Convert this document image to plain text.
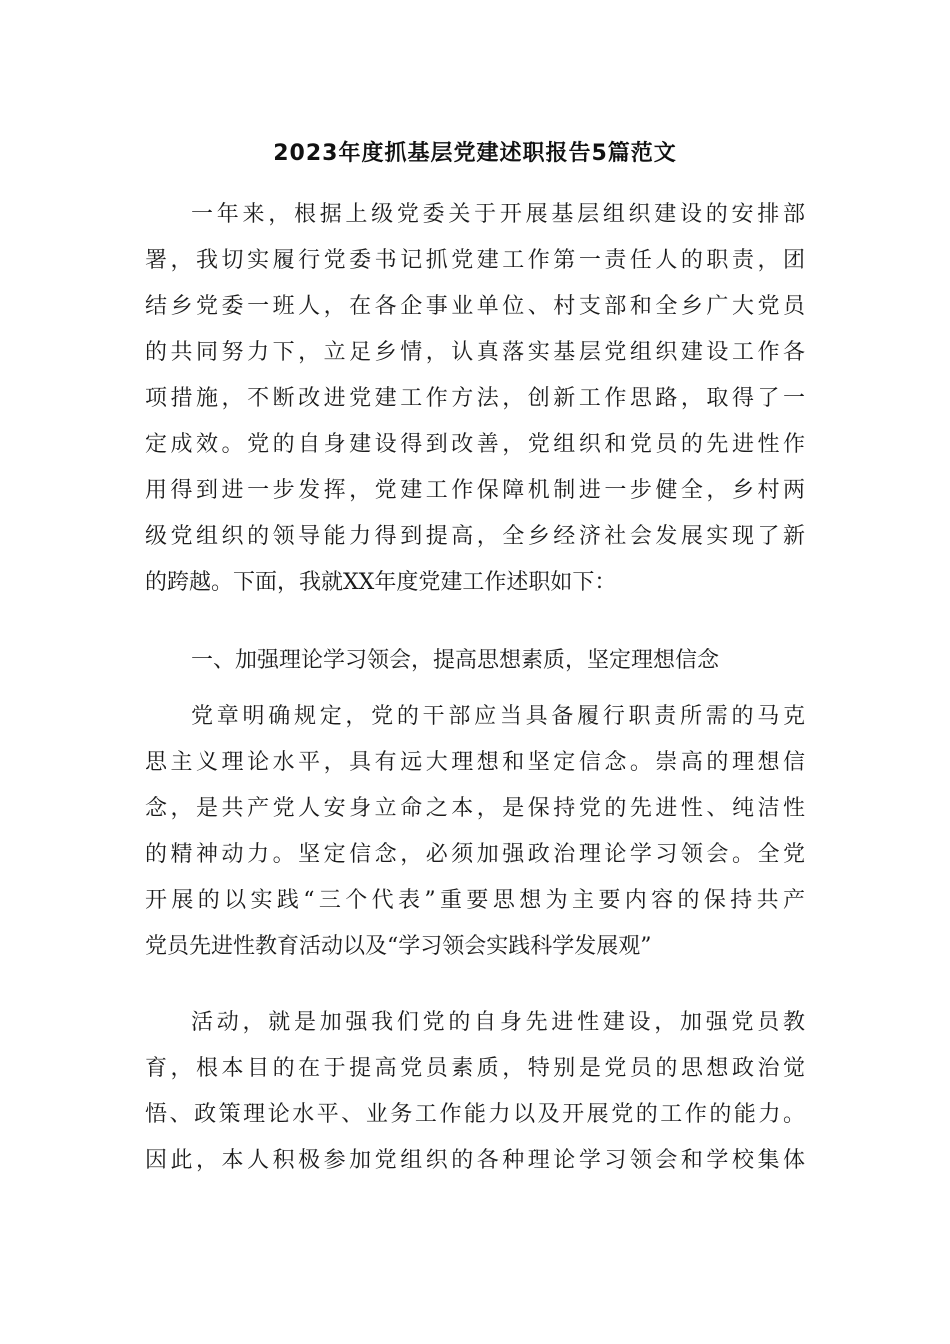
2023年度抓基层党建述职报告5篇范文
一年来，根据上级党委关于开展基层组织建设的安排部
署，我切实履行党委书记抓党建工作第一责任人的职责，团
结乡党委一班人，在各企事业单位、村支部和全乡广大党员
的共同努力下，立足乡情，认真落实基层党组织建设工作各
项措施，不断改进党建工作方法，创新工作思路，取得了一
定成效。党的自身建设得到改善，党组织和党员的先进性作
用得到进一步发挥，党建工作保障机制进一步健全，乡村两
级党组织的领导能力得到提高，全乡经济社会发展实现了新
的跨越。下面，我就XX年度党建工作述职如下：
一、加强理论学习领会，提高思想素质，坚定理想信念
党章明确规定，党的干部应当具备履行职责所需的马克
思主义理论水平，具有远大理想和坚定信念。崇高的理想信
念，是共产党人安身立命之本，是保持党的先进性、纯洁性
的精神动力。坚定信念，必须加强政治理论学习领会。全党
开展的以实践“三个代表”重要思想为主要内容的保持共产
党员先进性教育活动以及“学习领会实践科学发展观”
活动，就是加强我们党的自身先进性建设，加强党员教
育，根本目的在于提高党员素质，特别是党员的思想政治觉
悟、政策理论水平、业务工作能力以及开展党的工作的能力。
因此，本人积极参加党组织的各种理论学习领会和学校集体
